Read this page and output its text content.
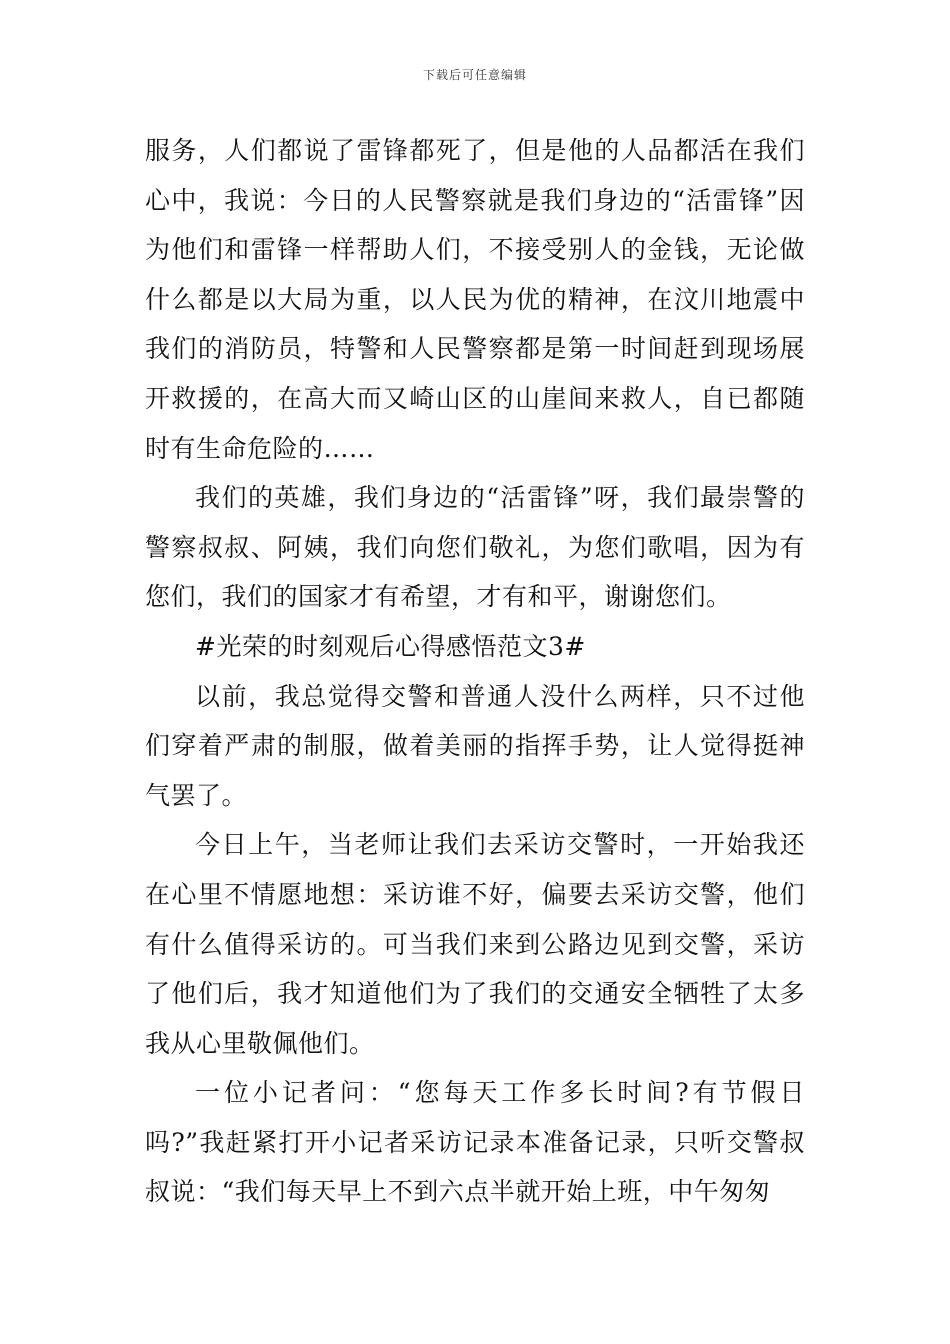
下载后可任意编辑

服务，人们都说了雷锋都死了，但是他的人品都活在我们心中，我说：今日的人民警察就是我们身边的“活雷锋”因为他们和雷锋一样帮助人们，不接受别人的金钱，无论做什么都是以大局为重，以人民为优的精神，在汶川地震中我们的消防员，特警和人民警察都是第一时间赶到现场展开救援的，在高大而又崎山区的山崖间来救人，自已都随时有生命危险的……

我们的英雄，我们身边的“活雷锋”呀，我们最崇警的警察叔叔、阿姨，我们向您们敬礼，为您们歌唱，因为有您们，我们的国家才有希望，才有和平，谢谢您们。

#光荣的时刻观后心得感悟范文3#

以前，我总觉得交警和普通人没什么两样，只不过他们穿着严肃的制服，做着美丽的指挥手势，让人觉得挺神气罢了。

今日上午，当老师让我们去采访交警时，一开始我还在心里不情愿地想：采访谁不好，偏要去采访交警，他们有什么值得采访的。可当我们来到公路边见到交警，采访了他们后，我才知道他们为了我们的交通安全牺牲了太多我从心里敬佩他们。

一位小记者问：“您每天工作多长时间?有节假日吗?”我赶紧打开小记者采访记录本准备记录，只听交警叔叔说：“我们每天早上不到六点半就开始上班，中午匆匆
